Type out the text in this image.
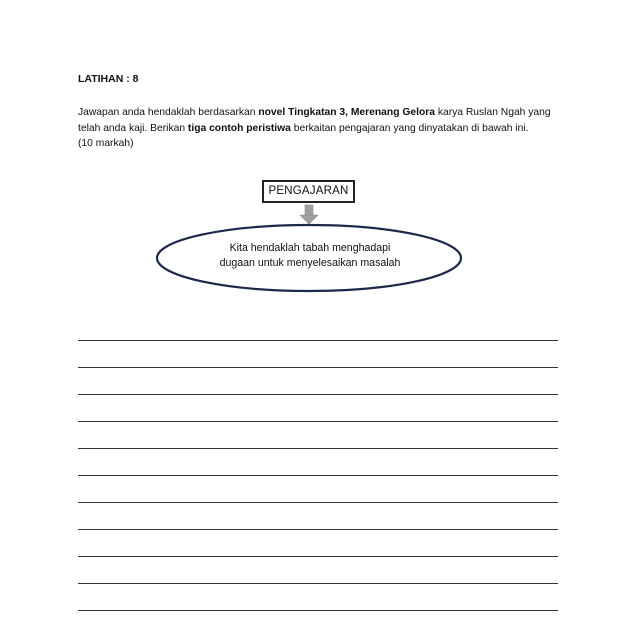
LATIHAN : 8
Jawapan anda hendaklah berdasarkan novel Tingkatan 3, Merenang Gelora karya Ruslan Ngah yang telah anda kaji. Berikan tiga contoh peristiwa berkaitan pengajaran yang dinyatakan di bawah ini.
(10 markah)
PENGAJARAN
Kita hendaklah tabah menghadapi
dugaan untuk menyelesaikan masalah
